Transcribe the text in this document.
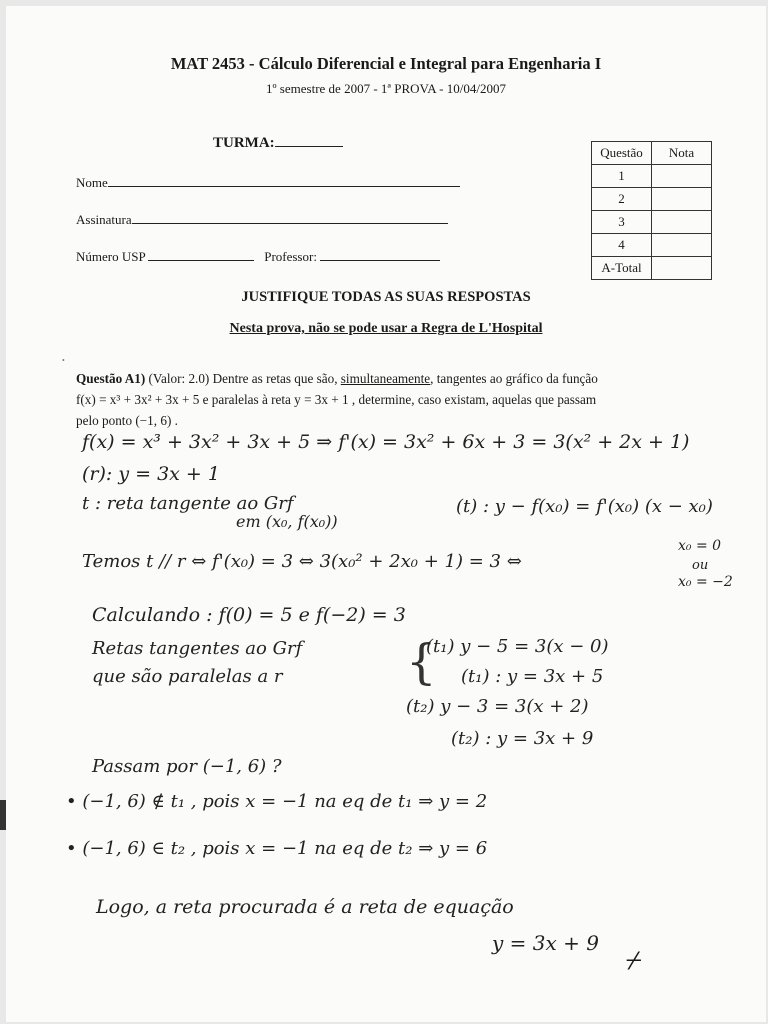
MAT 2453 - Cálculo Diferencial e Integral para Engenharia I
1º semestre de 2007 - 1ª PROVA - 10/04/2007
TURMA:
Nome
Assinatura
Número USP	Professor:
Questão	Nota
1	
2	
3	
4	
A-Total	
JUSTIFIQUE TODAS AS SUAS RESPOSTAS
Nesta prova, não se pode usar a Regra de L'Hospital
•
Questão A1) (Valor: 2.0) Dentre as retas que são, simultaneamente, tangentes ao gráfico da função
f(x) = x³ + 3x² + 3x + 5 e paralelas à reta y = 3x + 1 , determine, caso existam, aquelas que passam
pelo ponto (−1, 6) .
f(x) = x³ + 3x² + 3x + 5 ⇒ f'(x) = 3x² + 6x + 3 = 3(x² + 2x + 1)
(r): y = 3x + 1
t : reta tangente ao Grf
em (x₀, f(x₀))
(t) : y − f(x₀) = f'(x₀) (x − x₀)
Temos t // r ⇔ f'(x₀) = 3 ⇔ 3(x₀² + 2x₀ + 1) = 3 ⇔
x₀ = 0
ou
x₀ = −2
Calculando : f(0) = 5 e f(−2) = 3
Retas tangentes ao Grf
que são paralelas a r	{
(t₁) y − 5 = 3(x − 0)
(t₁) : y = 3x + 5
(t₂) y − 3 = 3(x + 2)
(t₂) : y = 3x + 9
Passam por (−1, 6) ?
• (−1, 6) ∉ t₁ , pois x = −1 na eq de t₁ ⇒ y = 2
• (−1, 6) ∈ t₂ , pois x = −1 na eq de t₂ ⇒ y = 6
Logo, a reta procurada é a reta de equação
y = 3x + 9
⌿
